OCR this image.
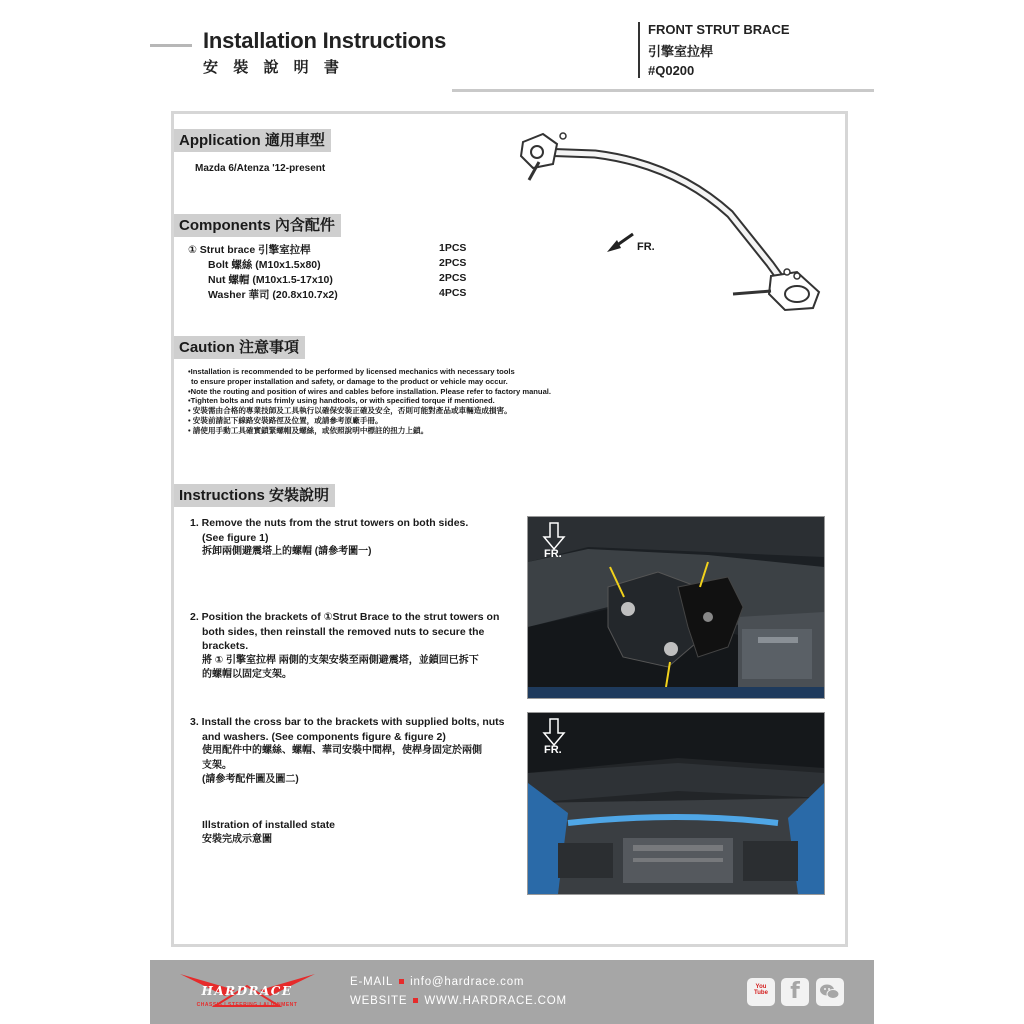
Installation Instructions
安 裝 說 明 書
FRONT STRUT BRACE
引擎室拉桿
#Q0200
Application 適用車型
Mazda 6/Atenza '12-present
Components 內含配件
① Strut brace 引擎室拉桿	1PCS
Bolt 螺絲 (M10x1.5x80)	2PCS
Nut 螺帽 (M10x1.5-17x10)	2PCS
Washer 華司 (20.8x10.7x2)	4PCS
FR.
Caution 注意事項

•Installation is recommended to be performed by licensed mechanics with necessary tools

to ensure proper installation and safety, or damage to the product or vehicle may occur.

•Note the routing and position of wires and cables before installation. Please refer to factory manual.

•Tighten bolts and nuts frimly using handtools, or with specified torque if mentioned.

• 安裝需由合格的專業技師及工具執行以確保安裝正確及安全，否則可能對產品或車輛造成損害。

• 安裝前請記下線路安裝路徑及位置，或請參考原廠手冊。

• 請使用手動工具確實鎖緊螺帽及螺絲，或依照說明中標註的扭力上鎖。

Instructions 安裝說明
1. Remove the nuts from the strut towers on both sides.
(See figure 1)
拆卸兩側避震塔上的螺帽 (請參考圖一)
2. Position the brackets of ①Strut Brace to the strut towers on
both sides, then reinstall the removed nuts to secure the
brackets.
將 ① 引擎室拉桿 兩側的支架安裝至兩側避震塔，並鎖回已拆下
的螺帽以固定支架。
3. Install the cross bar to the brackets with supplied bolts, nuts
and washers. (See components figure & figure 2)
使用配件中的螺絲、螺帽、華司安裝中間桿，使桿身固定於兩側
支架。
(請參考配件圖及圖二)
Illstration of installed state
安裝完成示意圖
FR.
FR.
HARDRACE
CHASSIS | STEERING | ALIGNMENT
E-MAIL info@hardrace.com
WEBSITE WWW.HARDRACE.COM
You Tube	f
